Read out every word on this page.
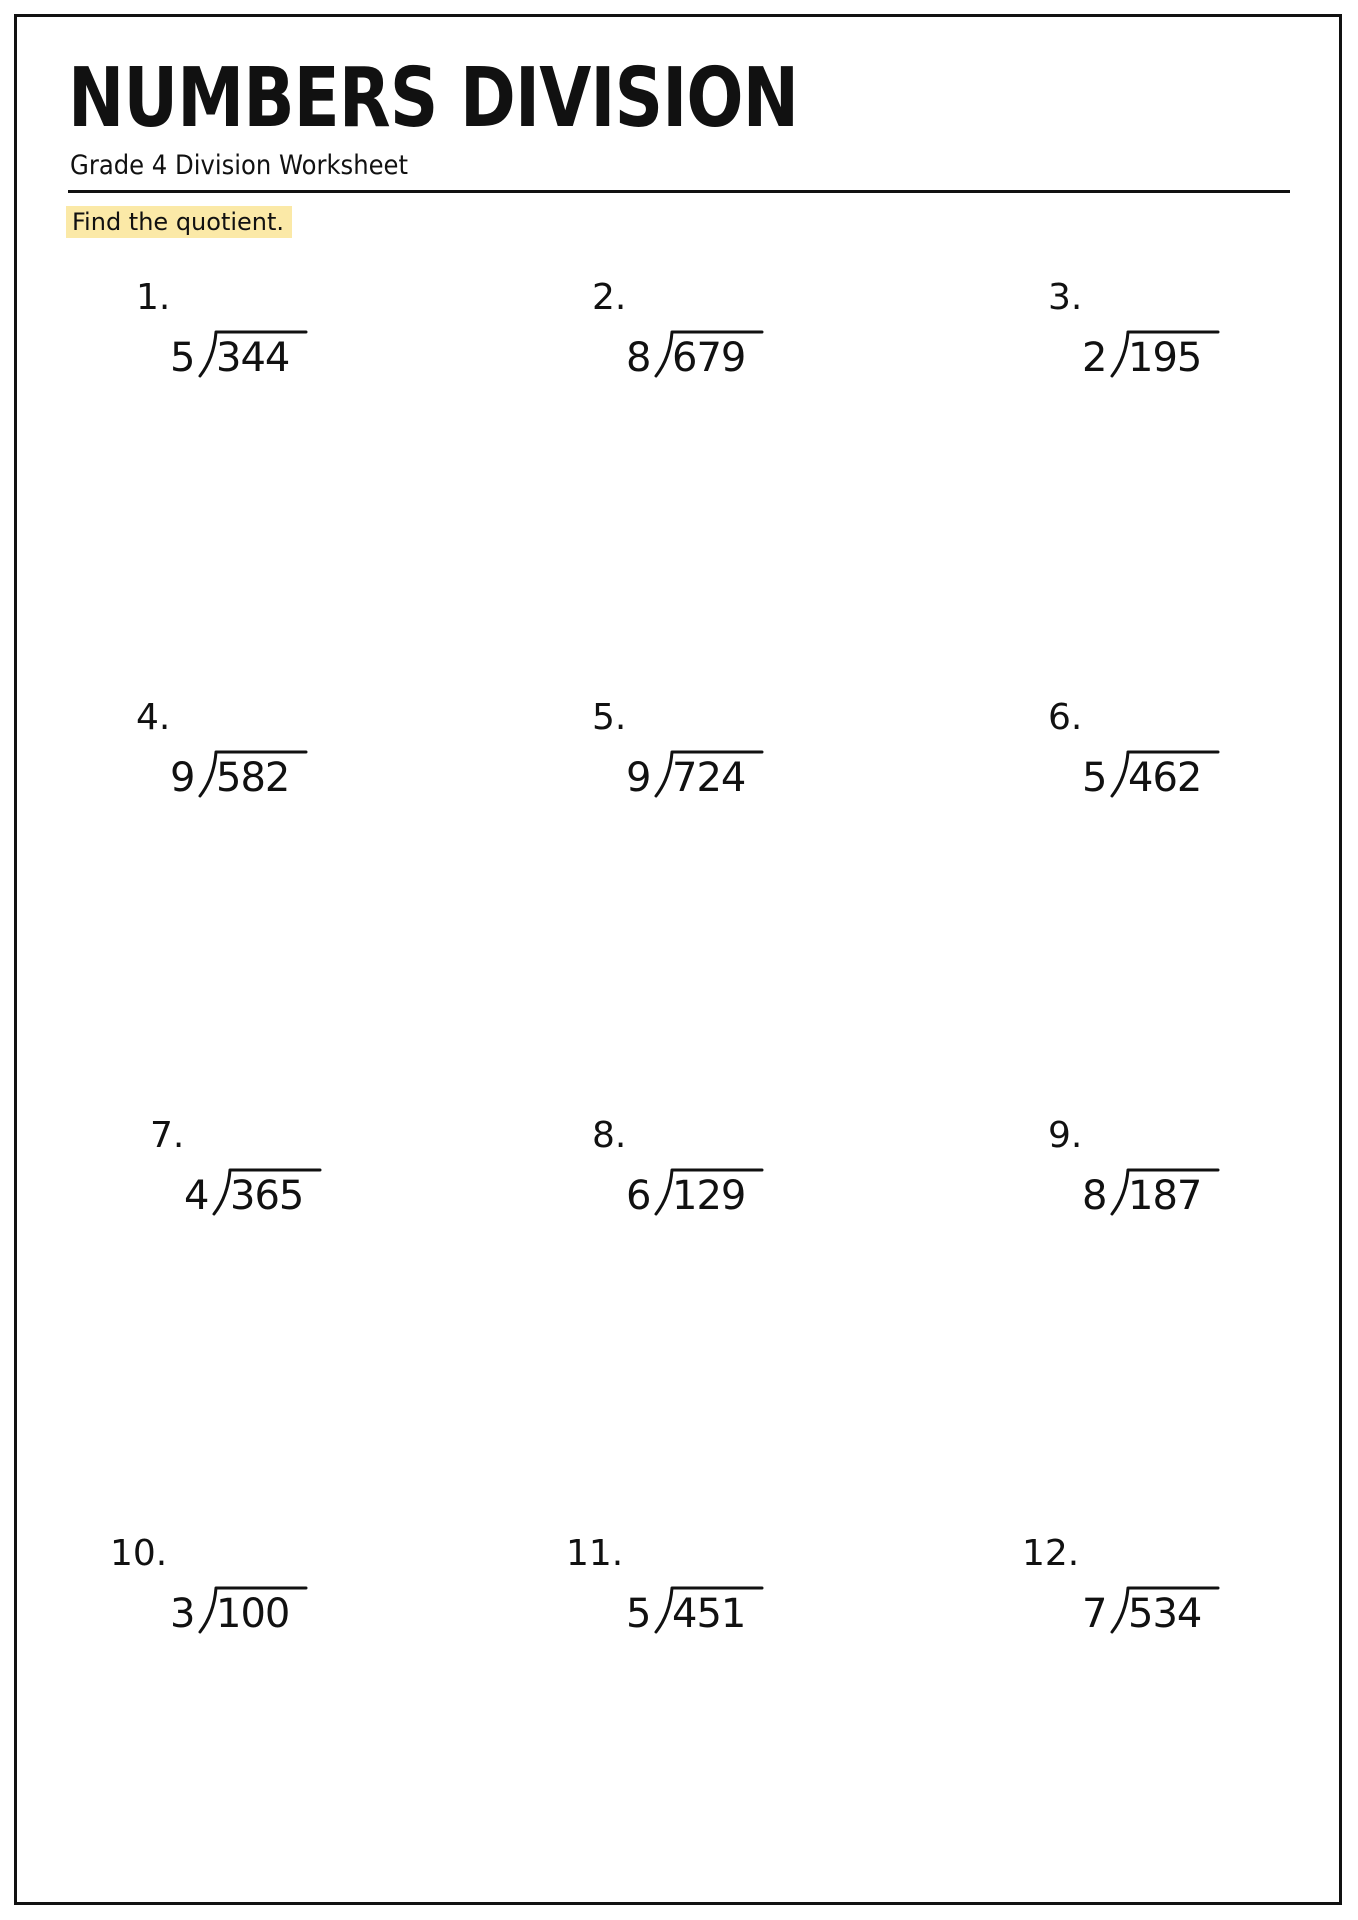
NUMBERS DIVISION
Grade 4 Division Worksheet
Find the quotient.
1.
5 344
2.
8 679
3.
2 195
4.
9 582
5.
9 724
6.
5 462
7.
4 365
8.
6 129
9.
8 187
10.
3 100
11.
5 451
12.
7 534
